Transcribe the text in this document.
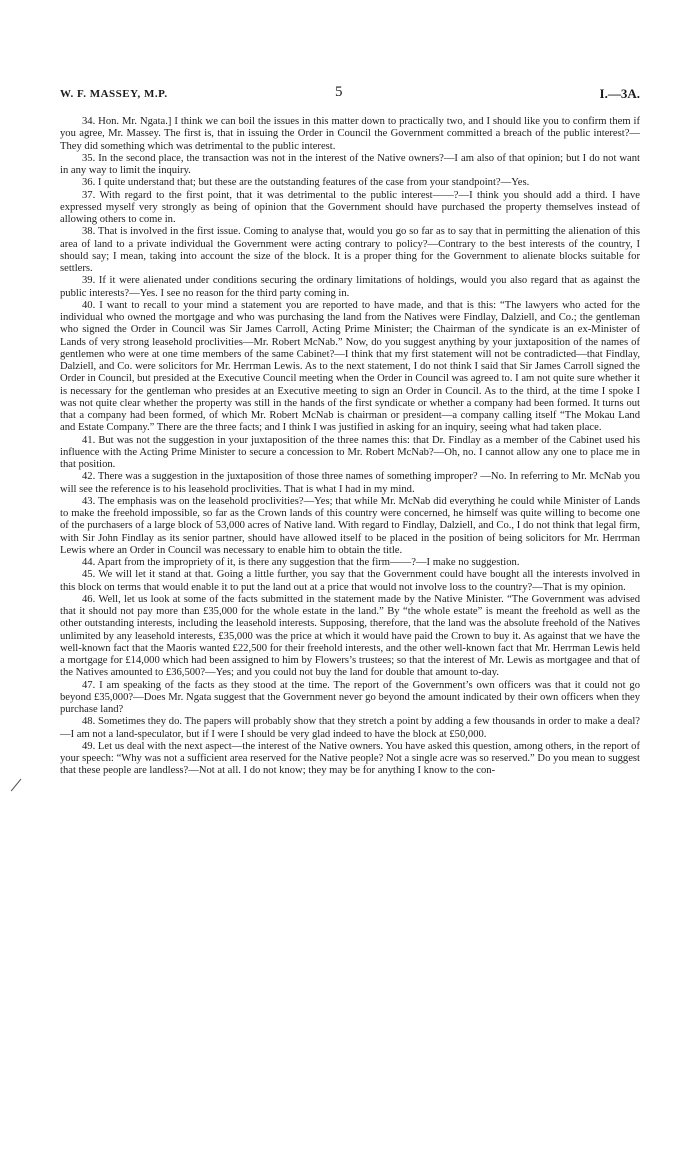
W. F. MASSEY, M.P.	5	I.—3A.

34. Hon. Mr. Ngata.] I think we can boil the issues in this matter down to practically two, and I should like you to confirm them if you agree, Mr. Massey. The first is, that in issuing the Order in Council the Government committed a breach of the public interest?—They did something which was detrimental to the public interest.

35. In the second place, the transaction was not in the interest of the Native owners?—I am also of that opinion; but I do not want in any way to limit the inquiry.

36. I quite understand that; but these are the outstanding features of the case from your standpoint?—Yes.

37. With regard to the first point, that it was detrimental to the public interest——?—I think you should add a third. I have expressed myself very strongly as being of opinion that the Government should have purchased the property themselves instead of allowing others to come in.

38. That is involved in the first issue. Coming to analyse that, would you go so far as to say that in permitting the alienation of this area of land to a private individual the Government were acting contrary to policy?—Contrary to the best interests of the country, I should say; I mean, taking into account the size of the block. It is a proper thing for the Government to alienate blocks suitable for settlers.

39. If it were alienated under conditions securing the ordinary limitations of holdings, would you also regard that as against the public interests?—Yes. I see no reason for the third party coming in.

40. I want to recall to your mind a statement you are reported to have made, and that is this: “The lawyers who acted for the individual who owned the mortgage and who was purchasing the land from the Natives were Findlay, Dalziell, and Co.; the gentleman who signed the Order in Council was Sir James Carroll, Acting Prime Minister; the Chairman of the syndicate is an ex-Minister of Lands of very strong leasehold proclivities—Mr. Robert McNab.” Now, do you suggest anything by your juxtaposition of the names of gentlemen who were at one time members of the same Cabinet?—I think that my first statement will not be contradicted—that Findlay, Dalziell, and Co. were solicitors for Mr. Herrman Lewis. As to the next statement, I do not think I said that Sir James Carroll signed the Order in Council, but presided at the Executive Council meeting when the Order in Council was agreed to. I am not quite sure whether it is necessary for the gentleman who presides at an Executive meeting to sign an Order in Council. As to the third, at the time I spoke I was not quite clear whether the property was still in the hands of the first syndicate or whether a company had been formed. It turns out that a company had been formed, of which Mr. Robert McNab is chairman or president—a company calling itself “The Mokau Land and Estate Company.” There are the three facts; and I think I was justified in asking for an inquiry, seeing what had taken place.

41. But was not the suggestion in your juxtaposition of the three names this: that Dr. Findlay as a member of the Cabinet used his influence with the Acting Prime Minister to secure a concession to Mr. Robert McNab?—Oh, no. I cannot allow any one to place me in that position.

42. There was a suggestion in the juxtaposition of those three names of something improper? —No. In referring to Mr. McNab you will see the reference is to his leasehold proclivities. That is what I had in my mind.

43. The emphasis was on the leasehold proclivities?—Yes; that while Mr. McNab did everything he could while Minister of Lands to make the freehold impossible, so far as the Crown lands of this country were concerned, he himself was quite willing to become one of the purchasers of a large block of 53,000 acres of Native land. With regard to Findlay, Dalziell, and Co., I do not think that legal firm, with Sir John Findlay as its senior partner, should have allowed itself to be placed in the position of being solicitors for Mr. Herrman Lewis where an Order in Council was necessary to enable him to obtain the title.

44. Apart from the impropriety of it, is there any suggestion that the firm——?—I make no suggestion.

45. We will let it stand at that. Going a little further, you say that the Government could have bought all the interests involved in this block on terms that would enable it to put the land out at a price that would not involve loss to the country?—That is my opinion.

46. Well, let us look at some of the facts submitted in the statement made by the Native Minister. “The Government was advised that it should not pay more than £35,000 for the whole estate in the land.” By “the whole estate” is meant the freehold as well as the other outstanding interests, including the leasehold interests. Supposing, therefore, that the land was the absolute freehold of the Natives unlimited by any leasehold interests, £35,000 was the price at which it would have paid the Crown to buy it. As against that we have the well-known fact that the Maoris wanted £22,500 for their freehold interests, and the other well-known fact that Mr. Herrman Lewis held a mortgage for £14,000 which had been assigned to him by Flowers’s trustees; so that the interest of Mr. Lewis as mortgagee and that of the Natives amounted to £36,500?—Yes; and you could not buy the land for double that amount to-day.

47. I am speaking of the facts as they stood at the time. The report of the Government’s own officers was that it could not go beyond £35,000?—Does Mr. Ngata suggest that the Government never go beyond the amount indicated by their own officers when they purchase land?

48. Sometimes they do. The papers will probably show that they stretch a point by adding a few thousands in order to make a deal?—I am not a land-speculator, but if I were I should be very glad indeed to have the block at £50,000.

49. Let us deal with the next aspect—the interest of the Native owners. You have asked this question, among others, in the report of your speech: “Why was not a sufficient area reserved for the Native people? Not a single acre was so reserved.” Do you mean to suggest that these people are landless?—Not at all. I do not know; they may be for anything I know to the con-
